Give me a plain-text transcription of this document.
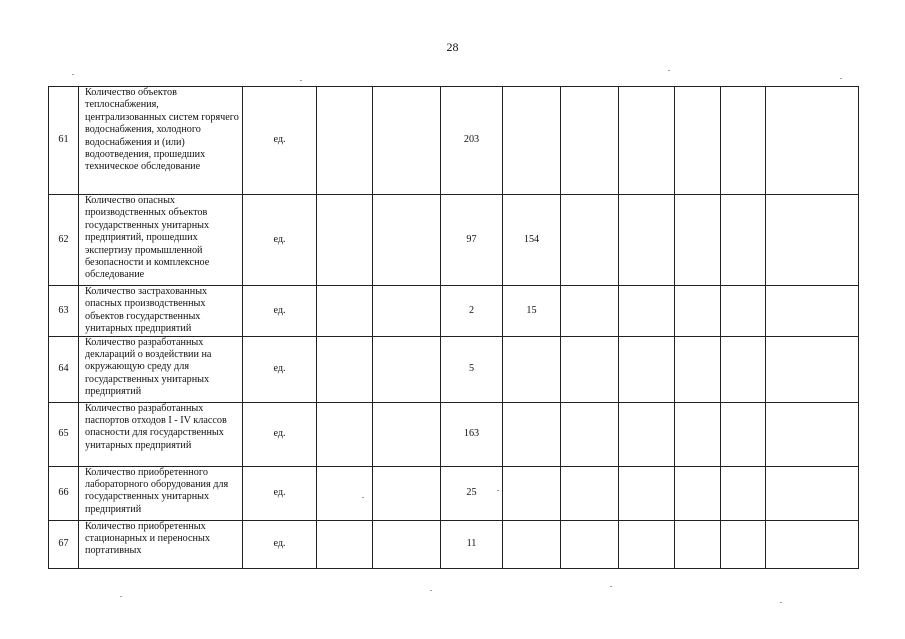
28
61	Количество объектов теплоснабжения, централизованных систем горячего водоснабжения, холодного водоснабжения и (или) водоотведения, прошедших техническое обследование	ед.			203						
62	Количество опасных производственных объектов государственных унитарных предприятий, прошедших экспертизу промышленной безопасности и комплексное обследование	ед.			97	154					
63	Количество застрахованных опасных производственных объектов государственных унитарных предприятий	ед.			2	15					
64	Количество разработанных деклараций о воздействии на окружающую среду для государственных унитарных предприятий	ед.			5						
65	Количество разработанных паспортов отходов I - IV классов опасности для государственных унитарных предприятий	ед.			163						
66	Количество приобретенного лабораторного оборудования для государственных унитарных предприятий	ед.			25						
67	Количество приобретенных стационарных и переносных портативных	ед.			11						
